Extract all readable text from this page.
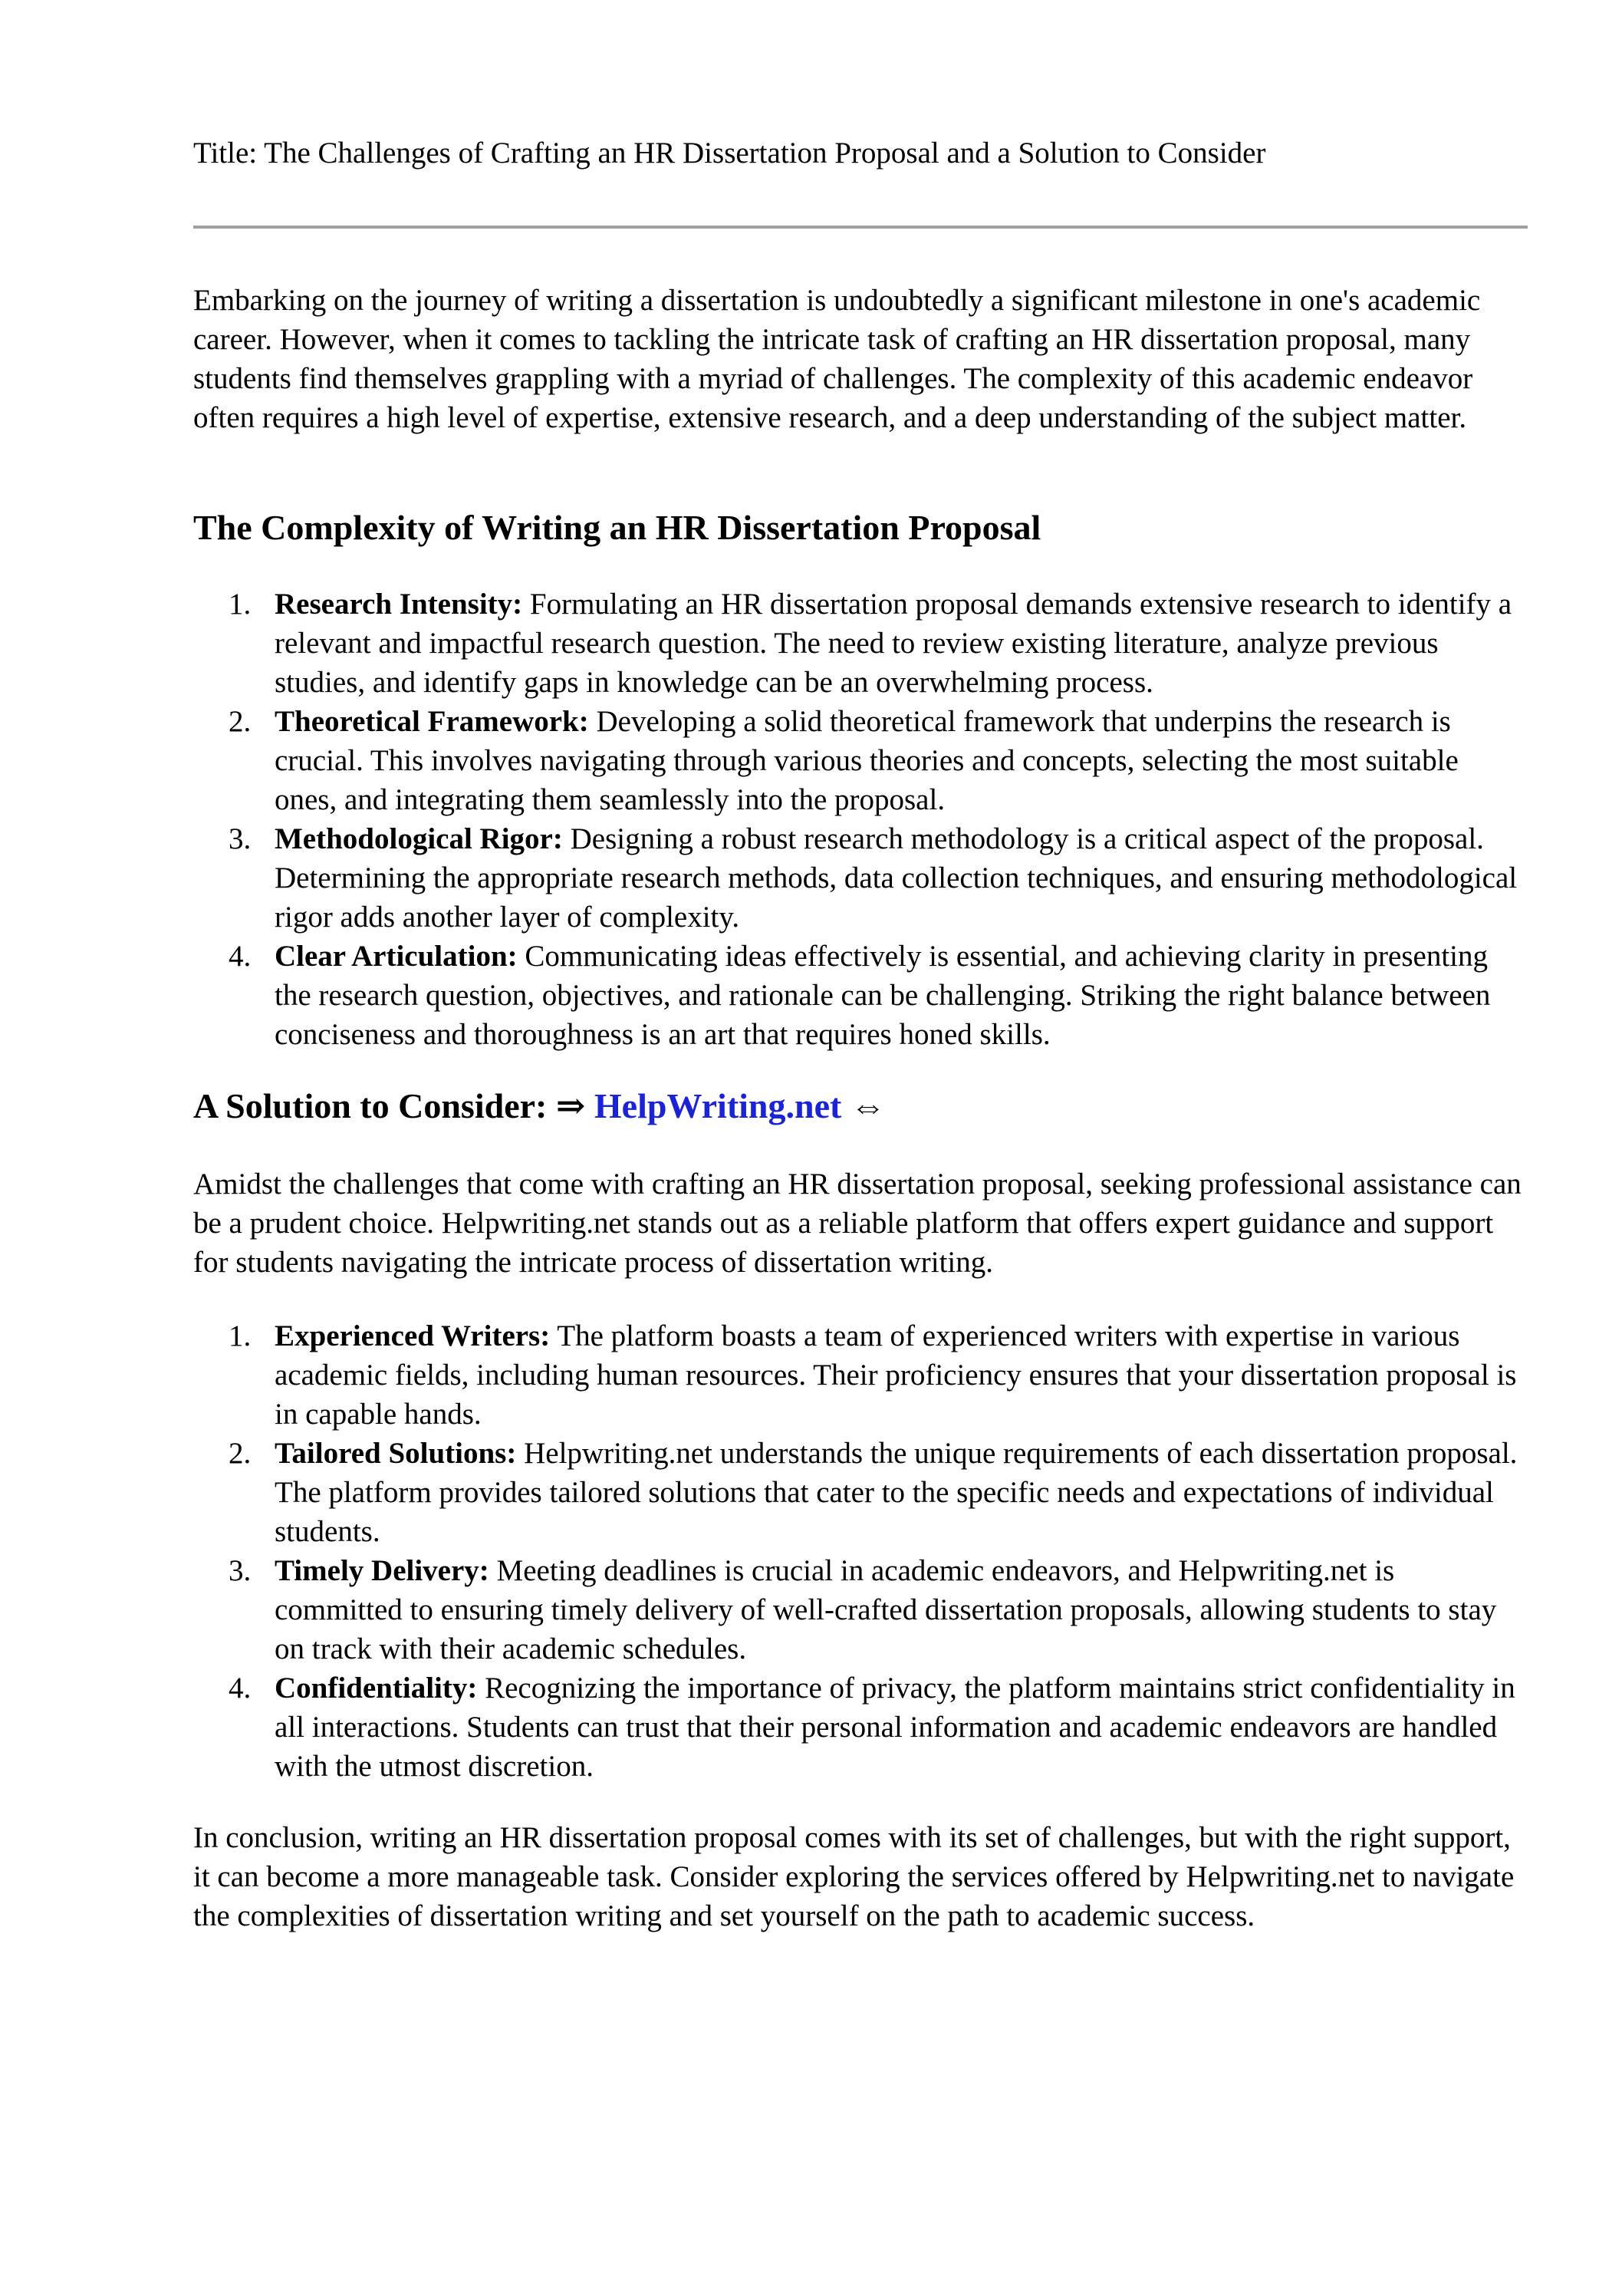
Title: The Challenges of Crafting an HR Dissertation Proposal and a Solution to Consider

Embarking on the journey of writing a dissertation is undoubtedly a significant milestone in one's academic career. However, when it comes to tackling the intricate task of crafting an HR dissertation proposal, many students find themselves grappling with a myriad of challenges. The complexity of this academic endeavor often requires a high level of expertise, extensive research, and a deep understanding of the subject matter.

The Complexity of Writing an HR Dissertation Proposal
1. Research Intensity: Formulating an HR dissertation proposal demands extensive research to identify a relevant and impactful research question. The need to review existing literature, analyze previous studies, and identify gaps in knowledge can be an overwhelming process.
2. Theoretical Framework: Developing a solid theoretical framework that underpins the research is crucial. This involves navigating through various theories and concepts, selecting the most suitable ones, and integrating them seamlessly into the proposal.
3. Methodological Rigor: Designing a robust research methodology is a critical aspect of the proposal. Determining the appropriate research methods, data collection techniques, and ensuring methodological rigor adds another layer of complexity.
4. Clear Articulation: Communicating ideas effectively is essential, and achieving clarity in presenting the research question, objectives, and rationale can be challenging. Striking the right balance between conciseness and thoroughness is an art that requires honed skills.
A Solution to Consider: ⇒ HelpWriting.net ⇔

Amidst the challenges that come with crafting an HR dissertation proposal, seeking professional assistance can be a prudent choice. Helpwriting.net stands out as a reliable platform that offers expert guidance and support for students navigating the intricate process of dissertation writing.

1. Experienced Writers: The platform boasts a team of experienced writers with expertise in various academic fields, including human resources. Their proficiency ensures that your dissertation proposal is in capable hands.
2. Tailored Solutions: Helpwriting.net understands the unique requirements of each dissertation proposal. The platform provides tailored solutions that cater to the specific needs and expectations of individual students.
3. Timely Delivery: Meeting deadlines is crucial in academic endeavors, and Helpwriting.net is committed to ensuring timely delivery of well-crafted dissertation proposals, allowing students to stay on track with their academic schedules.
4. Confidentiality: Recognizing the importance of privacy, the platform maintains strict confidentiality in all interactions. Students can trust that their personal information and academic endeavors are handled with the utmost discretion.

In conclusion, writing an HR dissertation proposal comes with its set of challenges, but with the right support, it can become a more manageable task. Consider exploring the services offered by Helpwriting.net to navigate the complexities of dissertation writing and set yourself on the path to academic success.
